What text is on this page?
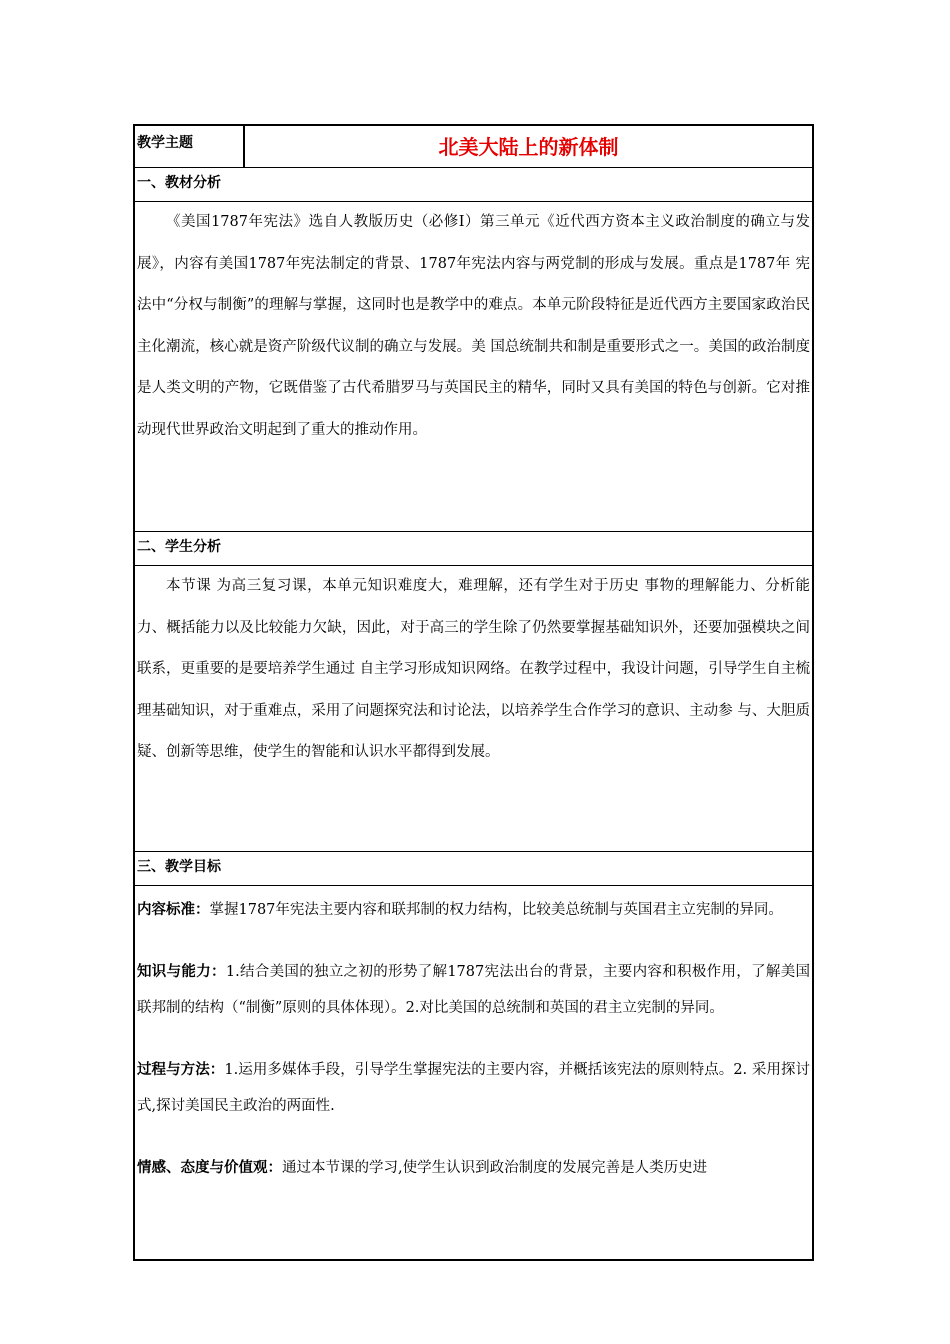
教学主题	北美大陆上的新体制
一、教材分析
《美国1787年宪法》选自人教版历史（必修Ⅰ）第三单元《近代西方资本主义政治制度的确立与发展》，内容有美国1787年宪法制定的背景、1787年宪法内容与两党制的形成与发展。重点是1787年 宪法中“分权与制衡”的理解与掌握，这同时也是教学中的难点。本单元阶段特征是近代西方主要国家政治民主化潮流，核心就是资产阶级代议制的确立与发展。美 国总统制共和制是重要形式之一。美国的政治制度是人类文明的产物，它既借鉴了古代希腊罗马与英国民主的精华，同时又具有美国的特色与创新。它对推动现代世界政治文明起到了重大的推动作用。
二、学生分析
本节课 为高三复习课，本单元知识难度大，难理解，还有学生对于历史 事物的理解能力、分析能力、概括能力以及比较能力欠缺，因此，对于高三的学生除了仍然要掌握基础知识外，还要加强模块之间联系，更重要的是要培养学生通过 自主学习形成知识网络。在教学过程中，我设计问题，引导学生自主梳理基础知识，对于重难点，采用了问题探究法和讨论法，以培养学生合作学习的意识、主动参 与、大胆质疑、创新等思维，使学生的智能和认识水平都得到发展。
三、教学目标
内容标准：掌握1787年宪法主要内容和联邦制的权力结构，比较美总统制与英国君主立宪制的异同。
知识与能力：1.结合美国的独立之初的形势了解1787宪法出台的背景，主要内容和积极作用，了解美国联邦制的结构（“制衡”原则的具体体现）。2.对比美国的总统制和英国的君主立宪制的异同。
过程与方法：1.运用多媒体手段，引导学生掌握宪法的主要内容，并概括该宪法的原则特点。2. 采用探讨式,探讨美国民主政治的两面性.
情感、态度与价值观：通过本节课的学习,使学生认识到政治制度的发展完善是人类历史进
